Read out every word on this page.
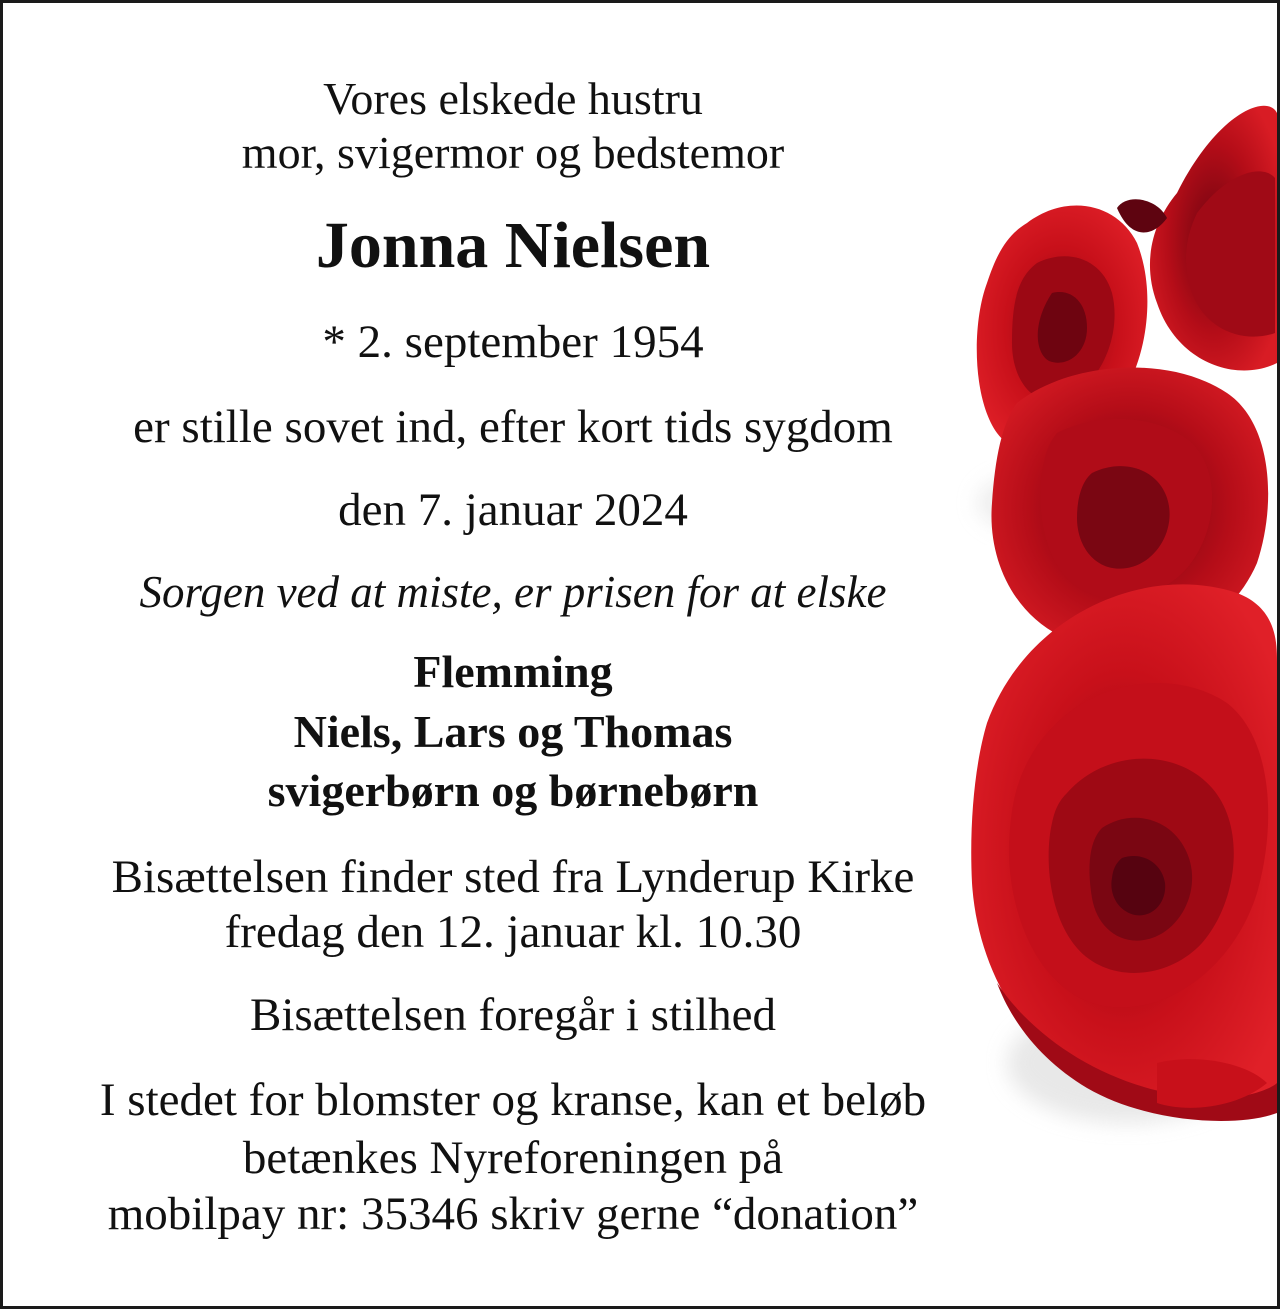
Vores elskede hustru
mor, svigermor og bedstemor
Jonna Nielsen
* 2. september 1954
er stille sovet ind, efter kort tids sygdom
den 7. januar 2024
Sorgen ved at miste, er prisen for at elske
Flemming
Niels, Lars og Thomas
svigerbørn og børnebørn
Bisættelsen finder sted fra Lynderup Kirke
fredag den 12. januar kl. 10.30
Bisættelsen foregår i stilhed
I stedet for blomster og kranse, kan et beløb
betænkes Nyreforeningen på
mobilpay nr: 35346 skriv gerne “donation”
